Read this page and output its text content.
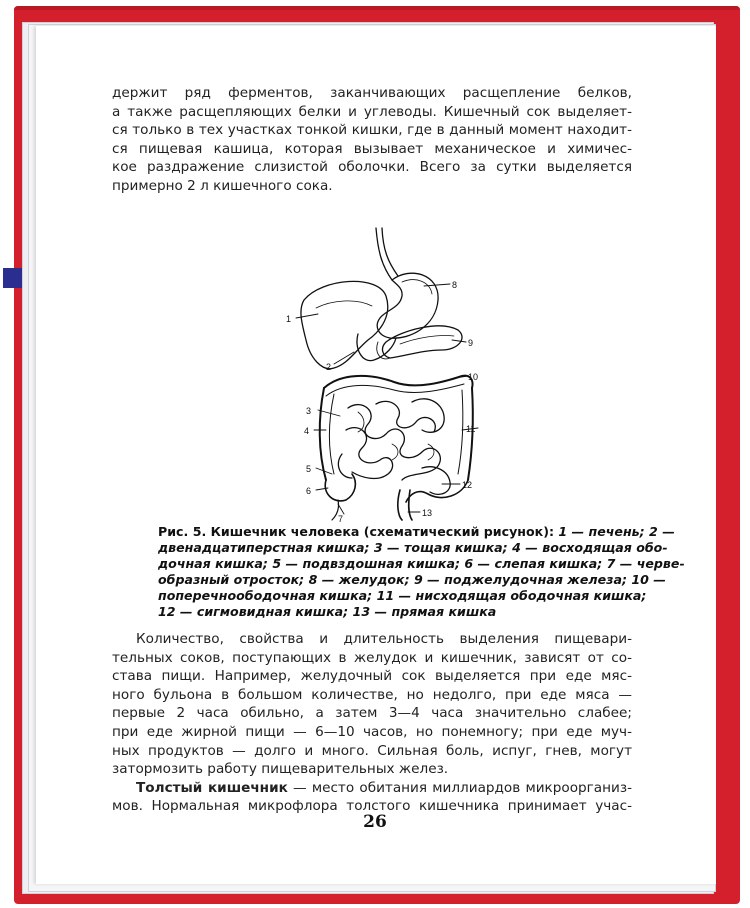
держит ряд ферментов, заканчивающих расщепление белков,
а также расщепляющих белки и углеводы. Кишечный сок выделяет-
ся только в тех участках тонкой кишки, где в данный момент находит-
ся пищевая кашица, которая вызывает механическое и химичес-
кое раздражение слизистой оболочки. Всего за сутки выделяется
примерно 2 л кишечного сока.
1
2
3
4
5
6
7
8
9
10
11
12
13
Рис. 5. Кишечник человека (схематический рисунок): 1 — печень; 2 —
двенадцатиперстная кишка; 3 — тощая кишка; 4 — восходящая обо-
дочная кишка; 5 — подвздошная кишка; 6 — слепая кишка; 7 — черве-
образный отросток; 8 — желудок; 9 — поджелудочная железа; 10 —
поперечноободочная кишка; 11 — нисходящая ободочная кишка;
12 — сигмовидная кишка; 13 — прямая кишка
Количество, свойства и длительность выделения пищевари-
тельных соков, поступающих в желудок и кишечник, зависят от со-
става пищи. Например, желудочный сок выделяется при еде мяс-
ного бульона в большом количестве, но недолго, при еде мяса —
первые 2 часа обильно, а затем 3—4 часа значительно слабее;
при еде жирной пищи — 6—10 часов, но понемногу; при еде муч-
ных продуктов — долго и много. Сильная боль, испуг, гнев, могут
затормозить работу пищеварительных желез.
Толстый кишечник — место обитания миллиардов микроорганиз-
мов. Нормальная микрофлора толстого кишечника принимает учас-
26
